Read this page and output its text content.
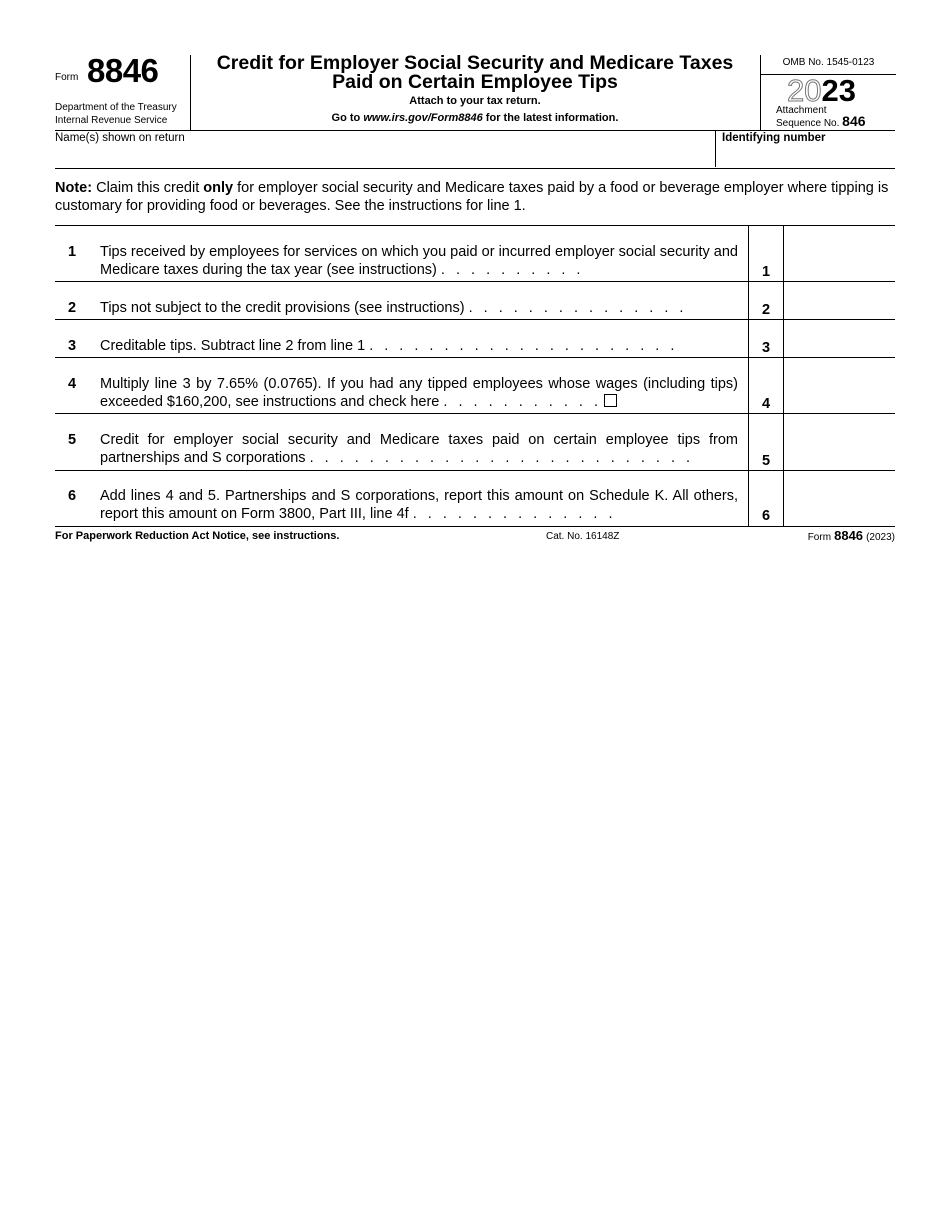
Form 8846
Department of the Treasury
Internal Revenue Service
Credit for Employer Social Security and Medicare Taxes
Paid on Certain Employee Tips
Attach to your tax return.
Go to www.irs.gov/Form8846 for the latest information.
OMB No. 1545-0123
2023
Attachment
Sequence No. 846
Name(s) shown on return	Identifying number
Note: Claim this credit only for employer social security and Medicare taxes paid by a food or beverage employer where tipping is customary for providing food or beverages. See the instructions for line 1.
1 Tips received by employees for services on which you paid or incurred employer social security and Medicare taxes during the tax year (see instructions) . . . . . . . . . .	1
2 Tips not subject to the credit provisions (see instructions) . . . . . . . . . . . . . . .	2
3 Creditable tips. Subtract line 2 from line 1 . . . . . . . . . . . . . . . . . . . . .	3
4 Multiply line 3 by 7.65% (0.0765). If you had any tipped employees whose wages (including tips) exceeded $160,200, see instructions and check here . . . . . . . . . . .	4
5 Credit for employer social security and Medicare taxes paid on certain employee tips from partnerships and S corporations . . . . . . . . . . . . . . . . . . . . . . . . . .	5
6 Add lines 4 and 5. Partnerships and S corporations, report this amount on Schedule K. All others, report this amount on Form 3800, Part III, line 4f . . . . . . . . . . . . . .	6
For Paperwork Reduction Act Notice, see instructions.	Cat. No. 16148Z	Form 8846 (2023)
